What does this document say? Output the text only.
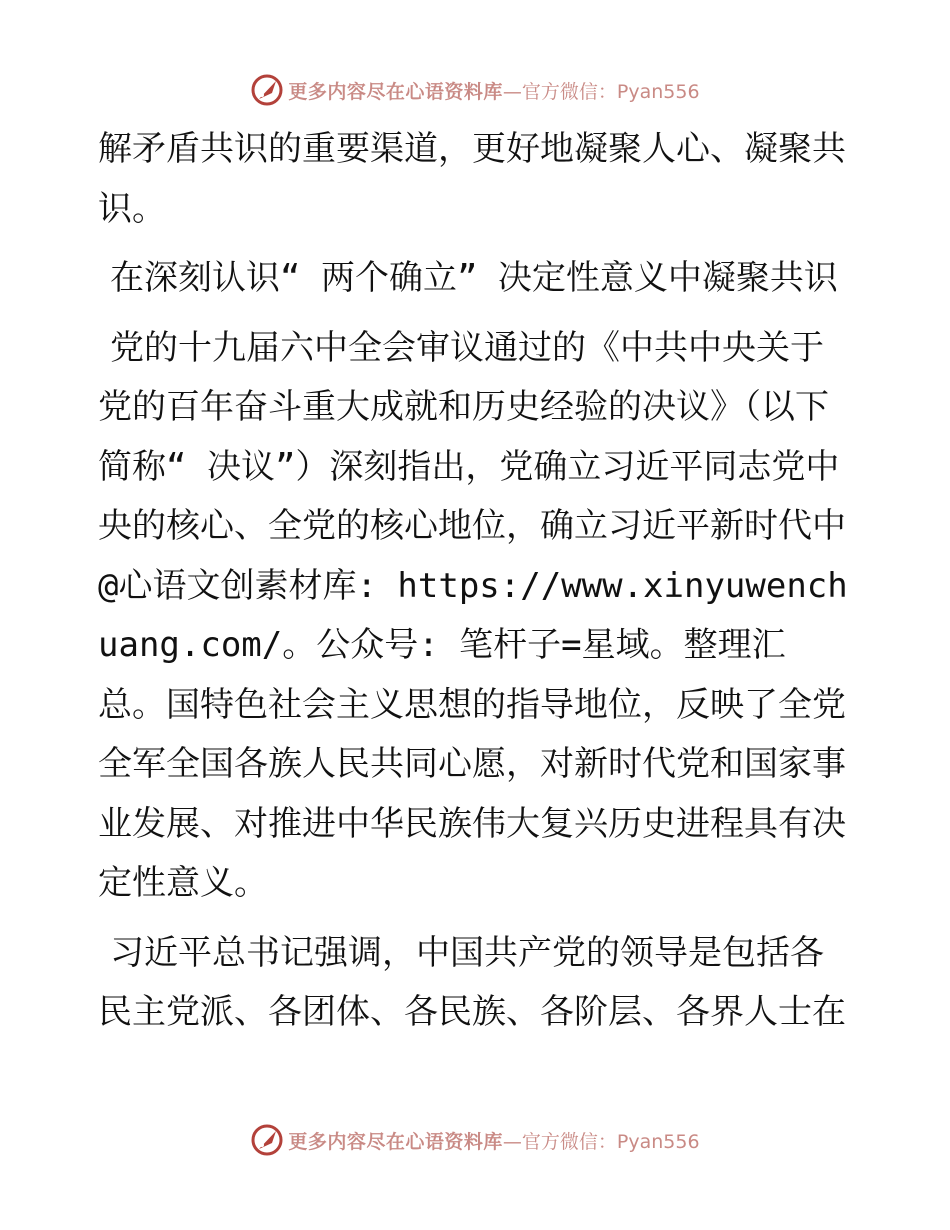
更多内容尽在心语资料库 —官方微信：Pyan556

解矛盾共识的重要渠道，更好地凝聚人心、凝聚共识。

在深刻认识“ 两个确立” 决定性意义中凝聚共识

党的十九届六中全会审议通过的《中共中央关于党的百年奋斗重大成就和历史经验的决议》（以下简称“ 决议”）深刻指出，党确立习近平同志党中央的核心、全党的核心地位，确立习近平新时代中@心语文创素材库: https://www.xinyuwenchuang.com/。公众号: 笔杆子=星域。整理汇总。国特色社会主义思想的指导地位，反映了全党全军全国各族人民共同心愿，对新时代党和国家事业发展、对推进中华民族伟大复兴历史进程具有决定性意义。

习近平总书记强调，中国共产党的领导是包括各民主党派、各团体、各民族、各阶层、各界人士在

更多内容尽在心语资料库 —官方微信：Pyan556
